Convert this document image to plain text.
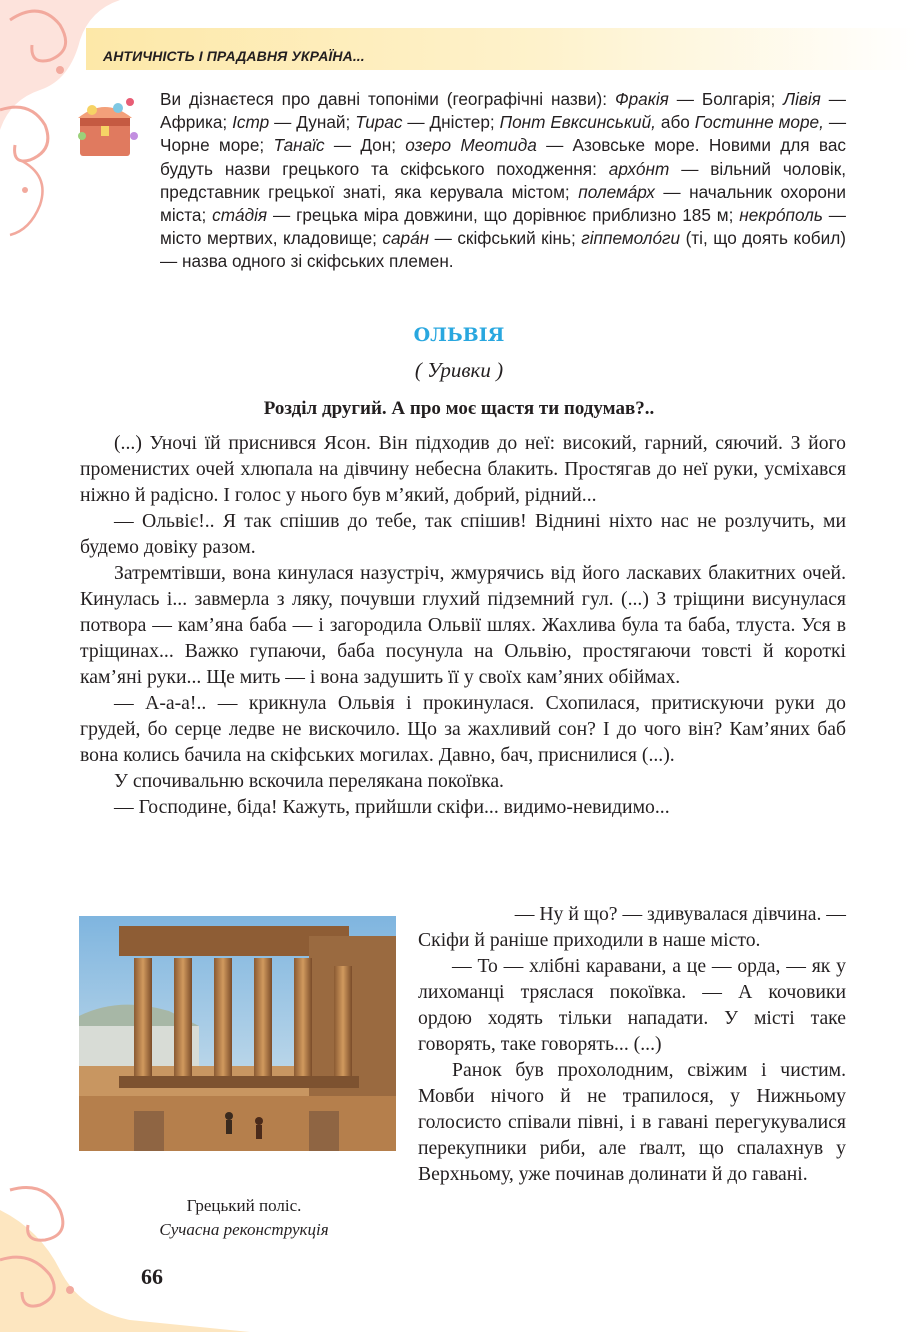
АНТИЧНІСТЬ І ПРАДАВНЯ УКРАЇНА...
Ви дізнаєтеся про давні топоніми (географічні назви): Фракія — Болгарія; Лівія — Африка; Істр — Дунай; Тирас — Дністер; Понт Евксинський, або Гостинне море, — Чорне море; Танаїс — Дон; озеро Меотида — Азовське море. Новими для вас будуть назви грецького та скіфського походження: архóнт — вільний чоловік, представник грецької знаті, яка керувала містом; полемáрх — начальник охорони міста; стáдія — грецька міра довжини, що дорівнює приблизно 185 м; некрóполь — місто мертвих, кладовище; сарáн — скіфський кінь; гіппемолóги (ті, що доять кобил) — назва одного зі скіфських племен.
ОЛЬВІЯ
( Уривки )
Розділ другий. А про моє щастя ти подумав?..

(...) Уночі їй приснився Ясон. Він підходив до неї: високий, гарний, сяючий. З його променистих очей хлюпала на дівчину небесна блакить. Простягав до неї руки, усміхався ніжно й радісно. І голос у нього був м’який, добрий, рідний...

— Ольвіє!.. Я так спішив до тебе, так спішив! Віднині ніхто нас не розлучить, ми будемо довіку разом.

Затремтівши, вона кинулася назустріч, жмурячись від його ласкавих блакитних очей. Кинулась і... завмерла з ляку, почувши глухий підземний гул. (...) З тріщини висунулася потвора — кам’яна баба — і загородила Ольвії шлях. Жахлива була та баба, тлуста. Уся в тріщинах... Важко гупаючи, баба посунула на Ольвію, простягаючи товсті й короткі кам’яні руки... Ще мить — і вона задушить її у своїх кам’яних обіймах.

— А-а-а!.. — крикнула Ольвія і прокинулася. Схопилася, притискуючи руки до грудей, бо серце ледве не вискочило. Що за жахливий сон? І до чого він? Кам’яних баб вона колись бачила на скіфських могилах. Давно, бач, приснилися (...).

У спочивальню вскочила перелякана покоївка.

— Господине, біда! Кажуть, прийшли скіфи... видимо-невидимо...

Грецький поліс.
Сучасна реконструкція

— Ну й що? — здивувалася дівчина. —

Скіфи й раніше приходили в наше місто.

— То — хлібні каравани, а це — орда, — як у лихоманці тряслася покоївка. — А кочовики ордою ходять тільки нападати. У місті таке говорять, таке говорять... (...)

Ранок був прохолодним, свіжим і чистим. Мовби нічого й не трапилося, у Нижньому голосисто співали півні, і в гавані перегукувалися перекупники риби, але ґвалт, що спалахнув у Верхньому, уже починав долинати й до гавані.

66
